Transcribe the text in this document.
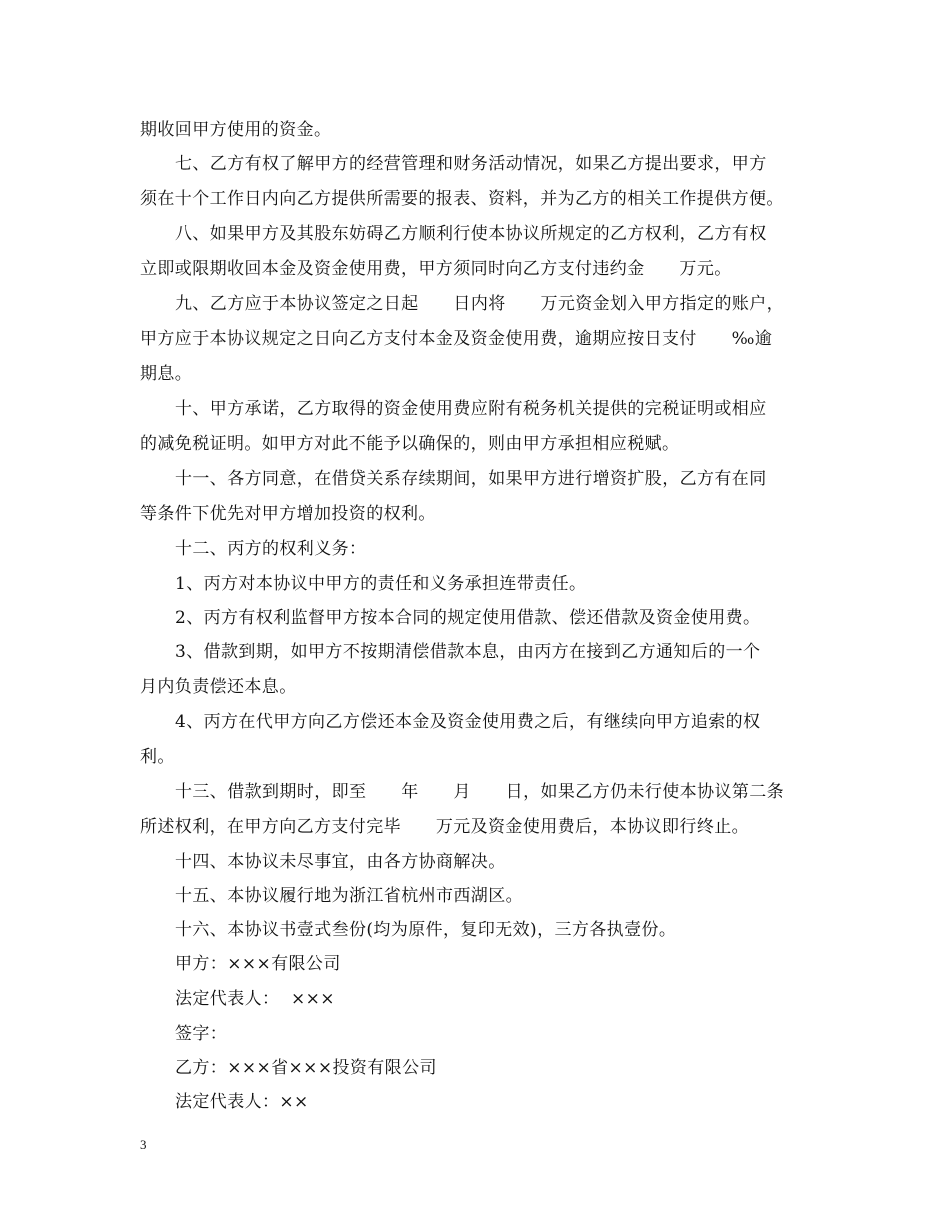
期收回甲方使用的资金。
七、乙方有权了解甲方的经营管理和财务活动情况，如果乙方提出要求，甲方
须在十个工作日内向乙方提供所需要的报表、资料，并为乙方的相关工作提供方便。
八、如果甲方及其股东妨碍乙方顺利行使本协议所规定的乙方权利，乙方有权
立即或限期收回本金及资金使用费，甲方须同时向乙方支付违约金      万元。
九、乙方应于本协议签定之日起      日内将      万元资金划入甲方指定的账户，
甲方应于本协议规定之日向乙方支付本金及资金使用费，逾期应按日支付      ‰逾
期息。
十、甲方承诺，乙方取得的资金使用费应附有税务机关提供的完税证明或相应
的减免税证明。如甲方对此不能予以确保的，则由甲方承担相应税赋。
十一、各方同意，在借贷关系存续期间，如果甲方进行增资扩股，乙方有在同
等条件下优先对甲方增加投资的权利。
十二、丙方的权利义务：
1、丙方对本协议中甲方的责任和义务承担连带责任。
2、丙方有权利监督甲方按本合同的规定使用借款、偿还借款及资金使用费。
3、借款到期，如甲方不按期清偿借款本息，由丙方在接到乙方通知后的一个
月内负责偿还本息。
4、丙方在代甲方向乙方偿还本金及资金使用费之后，有继续向甲方追索的权
利。
十三、借款到期时，即至      年      月      日，如果乙方仍未行使本协议第二条
所述权利，在甲方向乙方支付完毕      万元及资金使用费后，本协议即行终止。
十四、本协议未尽事宜，由各方协商解决。
十五、本协议履行地为浙江省杭州市西湖区。
十六、本协议书壹式叁份(均为原件，复印无效)，三方各执壹份。
甲方：×××有限公司
法定代表人：  ×××
签字：
乙方：×××省×××投资有限公司
法定代表人：××
3
